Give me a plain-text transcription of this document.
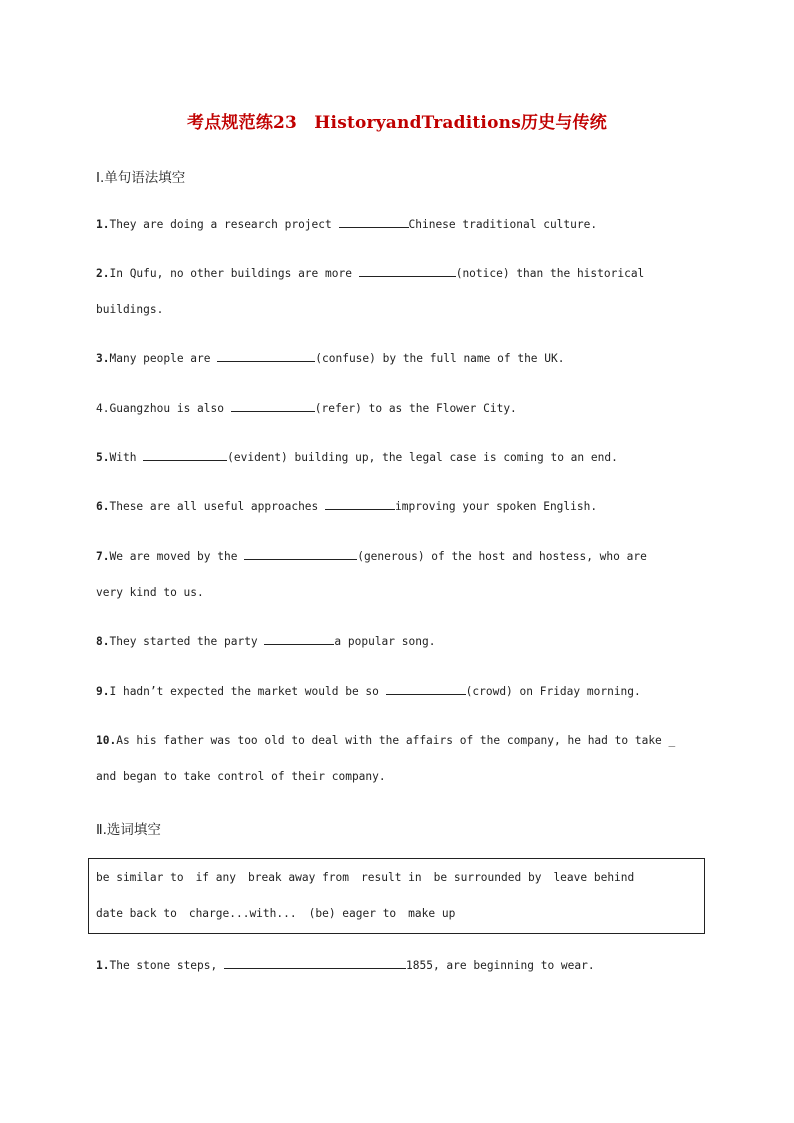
考点规范练23　HistoryandTraditions历史与传统
Ⅰ.单句语法填空
1.They are doing a research project	Chinese traditional culture.
2.In Qufu, no other buildings are more	(notice) than the historical
buildings.
3.Many people are	(confuse) by the full name of the UK.
4.Guangzhou is also	(refer) to as the Flower City.
5.With	(evident) building up, the legal case is coming to an end.
6.These are all useful approaches	improving your spoken English.
7.We are moved by the	(generous) of the host and hostess, who are
very kind to us.
8.They started the party	a popular song.
9.I hadn’t expected the market would be so	(crowd) on Friday morning.
10.As his father was too old to deal with the affairs of the company, he had to take _
and began to take control of their company.
Ⅱ.选词填空
be similar to if any break away from result in be surrounded by leave behind
date back to charge...with... (be) eager to make up
1.The stone steps,	1855, are beginning to wear.
